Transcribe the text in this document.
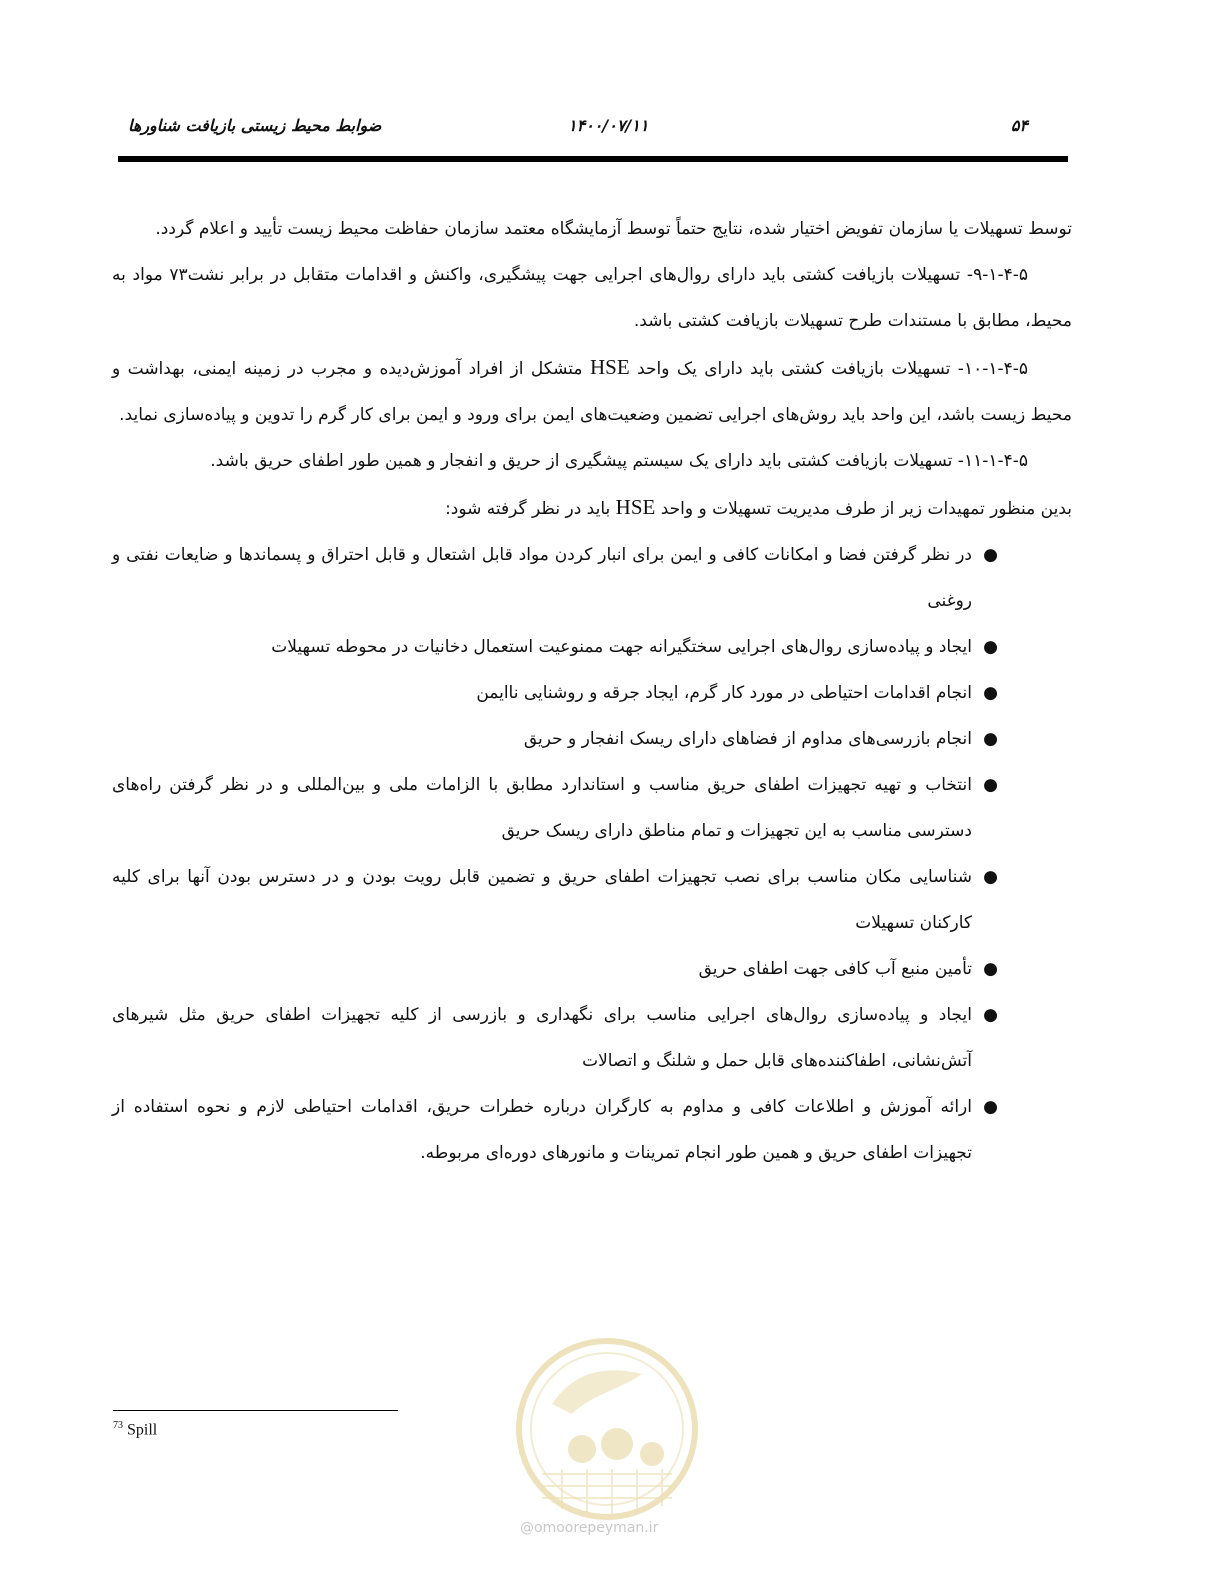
۵۴
۱۴۰۰/۰۷/۱۱
ضوابط محیط زیستی بازیافت شناورها

توسط تسهیلات یا سازمان تفویض اختیار شده، نتایج حتماً توسط آزمایشگاه معتمد سازمان حفاظت محیط زیست تأیید و اعلام گردد.

۹-۱-۴-۵- تسهیلات بازیافت کشتی باید دارای روال‌های اجرایی جهت پیشگیری، واکنش و اقدامات متقابل در برابر نشت۷۳ مواد به محیط، مطابق با مستندات طرح تسهیلات بازیافت کشتی باشد.

۱۰-۱-۴-۵- تسهیلات بازیافت کشتی باید دارای یک واحد HSE متشکل از افراد آموزش‌دیده و مجرب در زمینه ایمنی، بهداشت و محیط زیست باشد، این واحد باید روش‌های اجرایی تضمین وضعیت‌های ایمن برای ورود و ایمن برای کار گرم را تدوین و پیاده‌سازی نماید.

۱۱-۱-۴-۵- تسهیلات بازیافت کشتی باید دارای یک سیستم پیشگیری از حریق و انفجار و همین طور اطفای حریق باشد.

بدین منظور تمهیدات زیر از طرف مدیریت تسهیلات و واحد HSE باید در نظر گرفته شود:

●
در نظر گرفتن فضا و امکانات کافی و ایمن برای انبار کردن مواد قابل اشتعال و قابل احتراق و پسماندها و ضایعات نفتی و روغنی
●
ایجاد و پیاده‌سازی روال‌های اجرایی سختگیرانه جهت ممنوعیت استعمال دخانیات در محوطه تسهیلات
●
انجام اقدامات احتیاطی در مورد کار گرم، ایجاد جرقه و روشنایی ناایمن
●
انجام بازرسی‌های مداوم از فضاهای دارای ریسک انفجار و حریق
●
انتخاب و تهیه تجهیزات اطفای حریق مناسب و استاندارد مطابق با الزامات ملی و بین‌المللی و در نظر گرفتن راه‌های دسترسی مناسب به این تجهیزات و تمام مناطق دارای ریسک حریق
●
شناسایی مکان مناسب برای نصب تجهیزات اطفای حریق و تضمین قابل رویت بودن و در دسترس بودن آنها برای کلیه کارکنان تسهیلات
●
تأمین منبع آب کافی جهت اطفای حریق
●
ایجاد و پیاده‌سازی روال‌های اجرایی مناسب برای نگهداری و بازرسی از کلیه تجهیزات اطفای حریق مثل شیرهای آتش‌نشانی، اطفاکننده‌های قابل حمل و شلنگ و اتصالات
●
ارائه آموزش و اطلاعات کافی و مداوم به کارگران درباره خطرات حریق، اقدامات احتیاطی لازم و نحوه استفاده از تجهیزات اطفای حریق و همین طور انجام تمرینات و مانورهای دوره‌ای مربوطه.
$^{73}$ Spill
@omoorepeyman.ir
